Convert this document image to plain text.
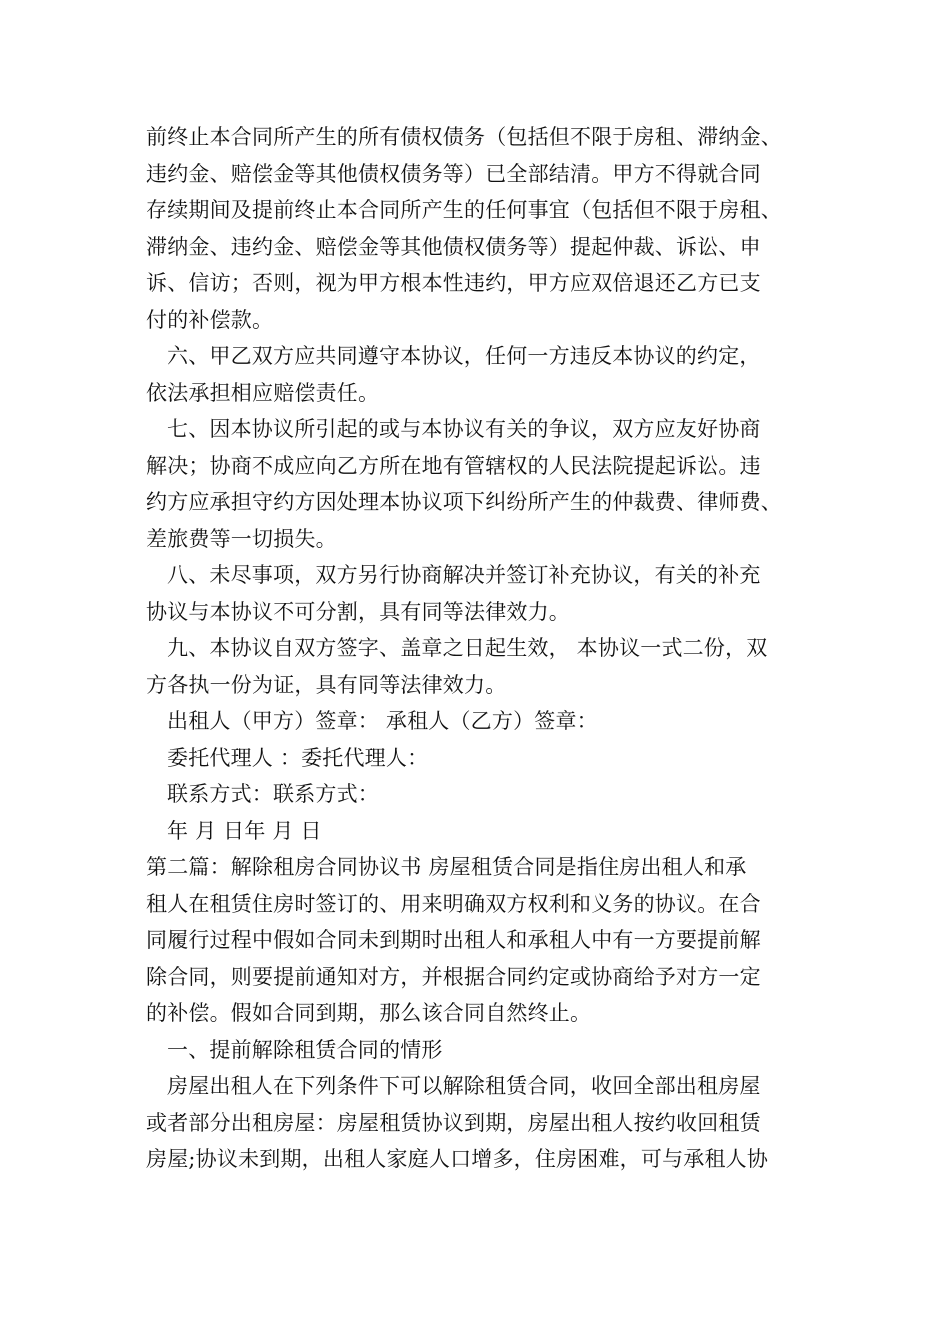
前终止本合同所产生的所有债权债务（包括但不限于房租、滞纳金、
违约金、赔偿金等其他债权债务等）已全部结清。甲方不得就合同
存续期间及提前终止本合同所产生的任何事宜（包括但不限于房租、
滞纳金、违约金、赔偿金等其他债权债务等）提起仲裁、诉讼、申
诉、信访；否则，视为甲方根本性违约，甲方应双倍退还乙方已支
付的补偿款。
六、甲乙双方应共同遵守本协议，任何一方违反本协议的约定，
依法承担相应赔偿责任。
七、因本协议所引起的或与本协议有关的争议，双方应友好协商
解决；协商不成应向乙方所在地有管辖权的人民法院提起诉讼。违
约方应承担守约方因处理本协议项下纠纷所产生的仲裁费、律师费、
差旅费等一切损失。
八、未尽事项，双方另行协商解决并签订补充协议，有关的补充
协议与本协议不可分割，具有同等法律效力。
九、本协议自双方签字、盖章之日起生效， 本协议一式二份，双
方各执一份为证，具有同等法律效力。
出租人（甲方）签章： 承租人（乙方）签章：
委托代理人 ：委托代理人：
联系方式：联系方式：
年 月 日年 月 日
第二篇：解除租房合同协议书 房屋租赁合同是指住房出租人和承
租人在租赁住房时签订的、用来明确双方权利和义务的协议。在合
同履行过程中假如合同未到期时出租人和承租人中有一方要提前解
除合同，则要提前通知对方，并根据合同约定或协商给予对方一定
的补偿。假如合同到期，那么该合同自然终止。
一、提前解除租赁合同的情形
房屋出租人在下列条件下可以解除租赁合同，收回全部出租房屋
或者部分出租房屋：房屋租赁协议到期，房屋出租人按约收回租赁
房屋;协议未到期，出租人家庭人口增多，住房困难，可与承租人协
